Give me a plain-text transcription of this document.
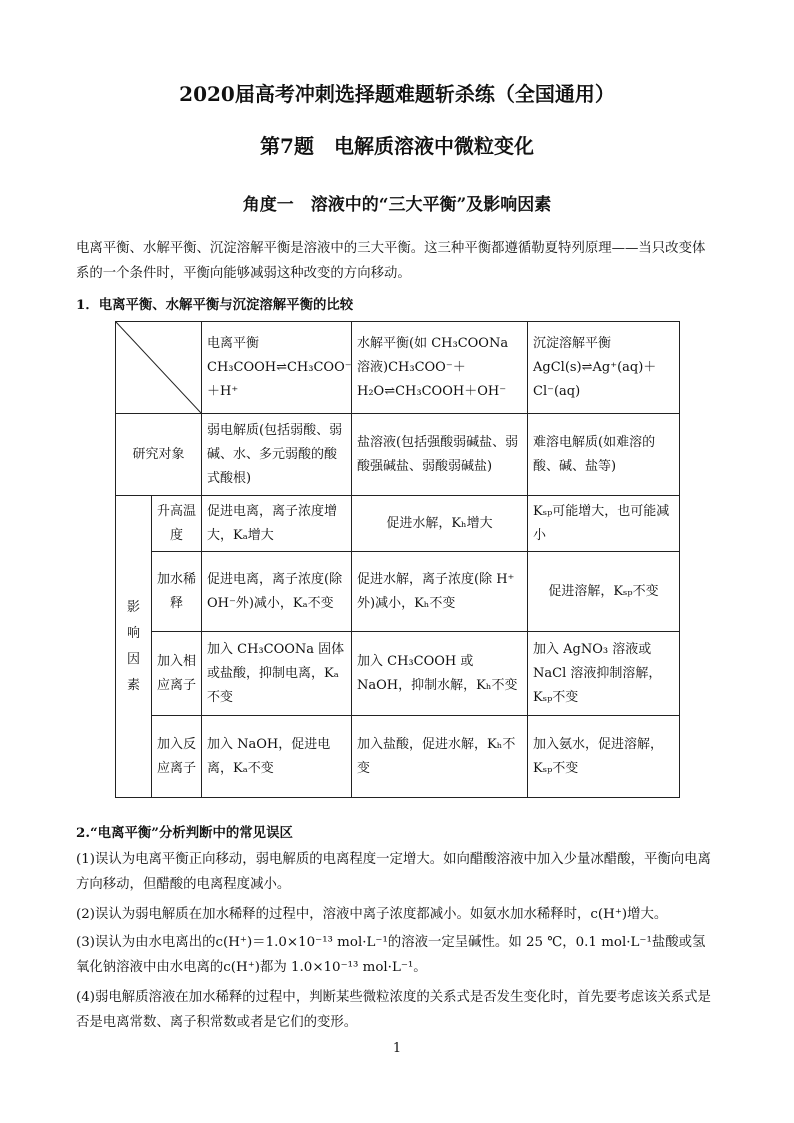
2020届高考冲刺选择题难题斩杀练（全国通用）
第7题　电解质溶液中微粒变化
角度一　溶液中的“三大平衡”及影响因素
电离平衡、水解平衡、沉淀溶解平衡是溶液中的三大平衡。这三种平衡都遵循勒夏特列原理——当只改变体系的一个条件时，平衡向能够减弱这种改变的方向移动。
1．电离平衡、水解平衡与沉淀溶解平衡的比较
	电离平衡 CH₃COOH⇌CH₃COO⁻＋H⁺	水解平衡(如 CH₃COONa 溶液)CH₃COO⁻＋H₂O⇌CH₃COOH＋OH⁻	沉淀溶解平衡 AgCl(s)⇌Ag⁺(aq)＋Cl⁻(aq)
研究对象		弱电解质(包括弱酸、弱碱、水、多元弱酸的酸式酸根)	盐溶液(包括强酸弱碱盐、弱酸强碱盐、弱酸弱碱盐)	难溶电解质(如难溶的酸、碱、盐等)
影响因素	升高温度	促进电离，离子浓度增大，Kₐ增大	促进水解，Kₕ增大	Kₛₚ可能增大，也可能减小
	加水稀释	促进电离，离子浓度(除 OH⁻外)减小，Kₐ不变	促进水解，离子浓度(除 H⁺外)减小，Kₕ不变	促进溶解，Kₛₚ不变
	加入相应离子	加入 CH₃COONa 固体或盐酸，抑制电离，Kₐ不变	加入 CH₃COOH 或 NaOH，抑制水解，Kₕ不变	加入 AgNO₃ 溶液或 NaCl 溶液抑制溶解，Kₛₚ不变
	加入反应离子	加入 NaOH，促进电离，Kₐ不变	加入盐酸，促进水解，Kₕ不变	加入氨水，促进溶解，Kₛₚ不变
2.“电离平衡”分析判断中的常见误区
(1)误认为电离平衡正向移动，弱电解质的电离程度一定增大。如向醋酸溶液中加入少量冰醋酸，平衡向电离方向移动，但醋酸的电离程度减小。
(2)误认为弱电解质在加水稀释的过程中，溶液中离子浓度都减小。如氨水加水稀释时，c(H⁺)增大。
(3)误认为由水电离出的c(H⁺)＝1.0×10⁻¹³ mol·L⁻¹的溶液一定呈碱性。如 25 ℃，0.1 mol·L⁻¹盐酸或氢氧化钠溶液中由水电离的c(H⁺)都为 1.0×10⁻¹³ mol·L⁻¹。
(4)弱电解质溶液在加水稀释的过程中，判断某些微粒浓度的关系式是否发生变化时，首先要考虑该关系式是否是电离常数、离子积常数或者是它们的变形。
1
